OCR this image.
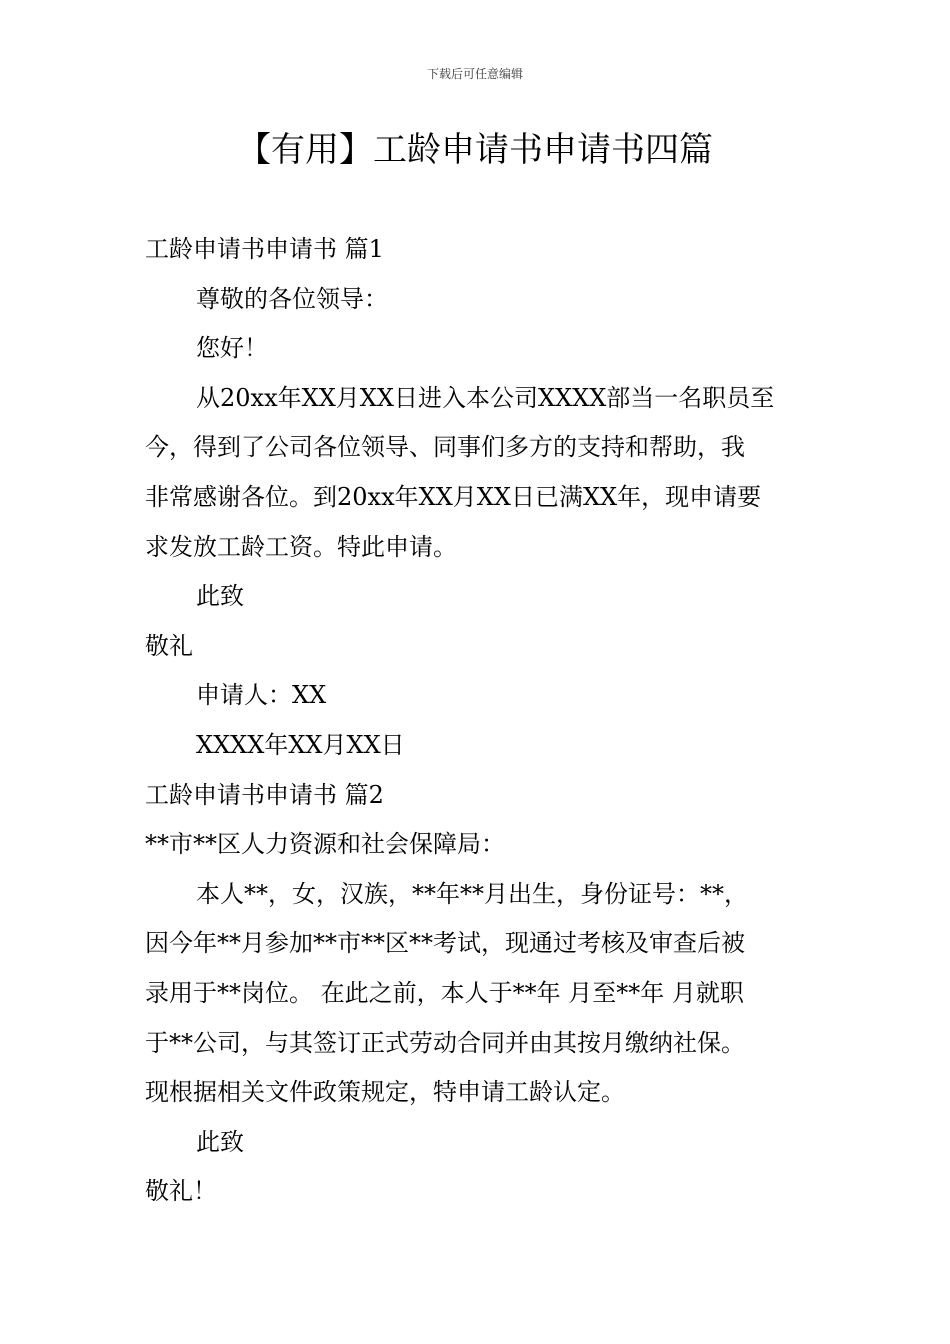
下载后可任意编辑
【有用】工龄申请书申请书四篇

工龄申请书申请书 篇1

尊敬的各位领导：

您好！

从20xx年XX月XX日进入本公司XXXX部当一名职员至

今，得到了公司各位领导、同事们多方的支持和帮助，我

非常感谢各位。到20xx年XX月XX日已满XX年，现申请要

求发放工龄工资。特此申请。

此致

敬礼

申请人：XX

XXXX年XX月XX日

工龄申请书申请书 篇2

**市**区人力资源和社会保障局：

本人**，女，汉族，**年**月出生，身份证号：**，

因今年**月参加**市**区**考试，现通过考核及审查后被

录用于**岗位。 在此之前，本人于**年 月至**年 月就职

于**公司，与其签订正式劳动合同并由其按月缴纳社保。

现根据相关文件政策规定，特申请工龄认定。

此致

敬礼！
